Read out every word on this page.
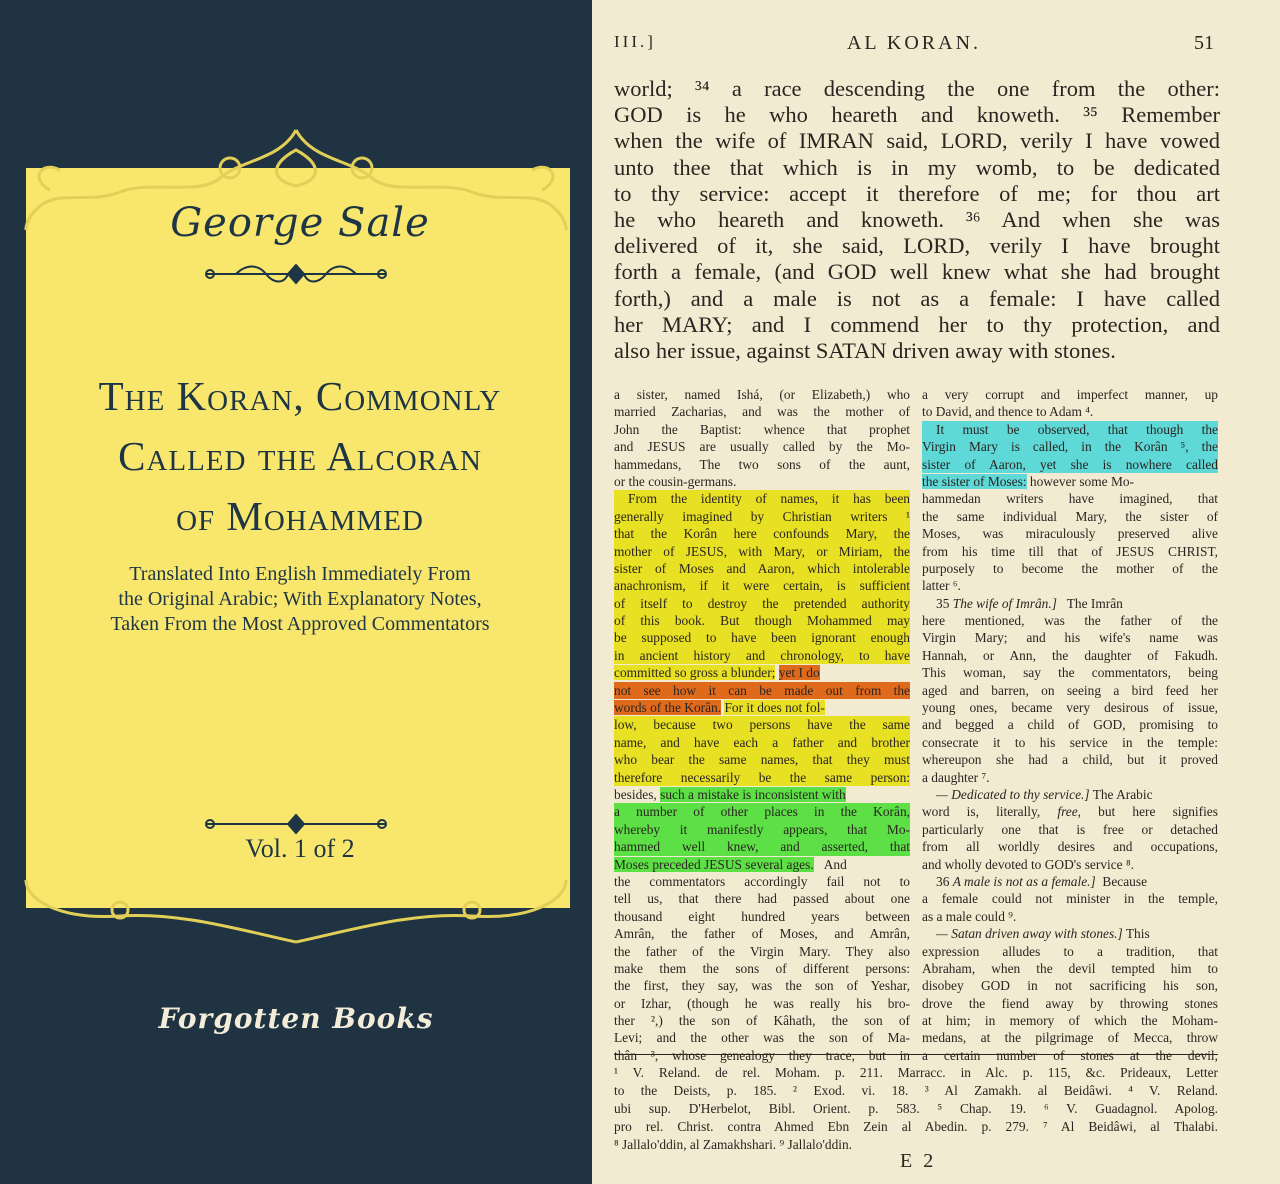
George Sale
The Koran, Commonly
Called the Alcoran
of Mohammed
Translated Into English Immediately From
the Original Arabic; With Explanatory Notes,
Taken From the Most Approved Commentators
Vol. 1 of 2
Forgotten Books
III.]	AL KORAN.	51
world; ³⁴ a race descending the one from the other:
GOD is he who heareth and knoweth. ³⁵ Remember
when the wife of IMRAN said, LORD, verily I have vowed
unto thee that which is in my womb, to be dedicated
to thy service: accept it therefore of me; for thou art
he who heareth and knoweth. ³⁶ And when she was
delivered of it, she said, LORD, verily I have brought
forth a female, (and GOD well knew what she had brought
forth,) and a male is not as a female: I have called
her MARY; and I commend her to thy protection, and
also her issue, against SATAN driven away with stones.
a sister, named Ishá, (or Elizabeth,) who
married Zacharias, and was the mother of
John the Baptist: whence that prophet
and JESUS are usually called by the Mo-
hammedans, The two sons of the aunt,
or the cousin-germans.
From the identity of names, it has been
generally imagined by Christian writers ¹
that the Korân here confounds Mary, the
mother of JESUS, with Mary, or Miriam, the
sister of Moses and Aaron, which intolerable
anachronism, if it were certain, is sufficient
of itself to destroy the pretended authority
of this book. But though Mohammed may
be supposed to have been ignorant enough
in ancient history and chronology, to have
committed so gross a blunder; yet I do
not see how it can be made out from the
words of the Korân. For it does not fol-
low, because two persons have the same
name, and have each a father and brother
who bear the same names, that they must
therefore necessarily be the same person:
besides, such a mistake is inconsistent with
a number of other places in the Korân,
whereby it manifestly appears, that Mo-
hammed well knew, and asserted, that
Moses preceded JESUS several ages. And
the commentators accordingly fail not to
tell us, that there had passed about one
thousand eight hundred years between
Amrân, the father of Moses, and Amrân,
the father of the Virgin Mary. They also
make them the sons of different persons:
the first, they say, was the son of Yeshar,
or Izhar, (though he was really his bro-
ther ²,) the son of Kâhath, the son of
Levi; and the other was the son of Ma-
thân ³, whose genealogy they trace, but in
a very corrupt and imperfect manner, up
to David, and thence to Adam ⁴.
It must be observed, that though the
Virgin Mary is called, in the Korân ⁵, the
sister of Aaron, yet she is nowhere called
the sister of Moses: however some Mo-
hammedan writers have imagined, that
the same individual Mary, the sister of
Moses, was miraculously preserved alive
from his time till that of JESUS CHRIST,
purposely to become the mother of the
latter ⁶.
35 The wife of Imrân.] The Imrân
here mentioned, was the father of the
Virgin Mary; and his wife's name was
Hannah, or Ann, the daughter of Fakudh.
This woman, say the commentators, being
aged and barren, on seeing a bird feed her
young ones, became very desirous of issue,
and begged a child of GOD, promising to
consecrate it to his service in the temple:
whereupon she had a child, but it proved
a daughter ⁷.
— Dedicated to thy service.] The Arabic
word is, literally, free, but here signifies
particularly one that is free or detached
from all worldly desires and occupations,
and wholly devoted to GOD's service ⁸.
36 A male is not as a female.] Because
a female could not minister in the temple,
as a male could ⁹.
— Satan driven away with stones.] This
expression alludes to a tradition, that
Abraham, when the devil tempted him to
disobey GOD in not sacrificing his son,
drove the fiend away by throwing stones
at him; in memory of which the Moham-
medans, at the pilgrimage of Mecca, throw
a certain number of stones at the devil,
¹ V. Reland. de rel. Moham. p. 211. Marracc. in Alc. p. 115, &c. Prideaux, Letter
to the Deists, p. 185. ² Exod. vi. 18. ³ Al Zamakh. al Beidâwi. ⁴ V. Reland.
ubi sup. D'Herbelot, Bibl. Orient. p. 583. ⁵ Chap. 19. ⁶ V. Guadagnol. Apolog.
pro rel. Christ. contra Ahmed Ebn Zein al Abedin. p. 279. ⁷ Al Beidâwi, al Thalabi.
⁸ Jallalo'ddin, al Zamakhshari. ⁹ Jallalo'ddin.
E 2
